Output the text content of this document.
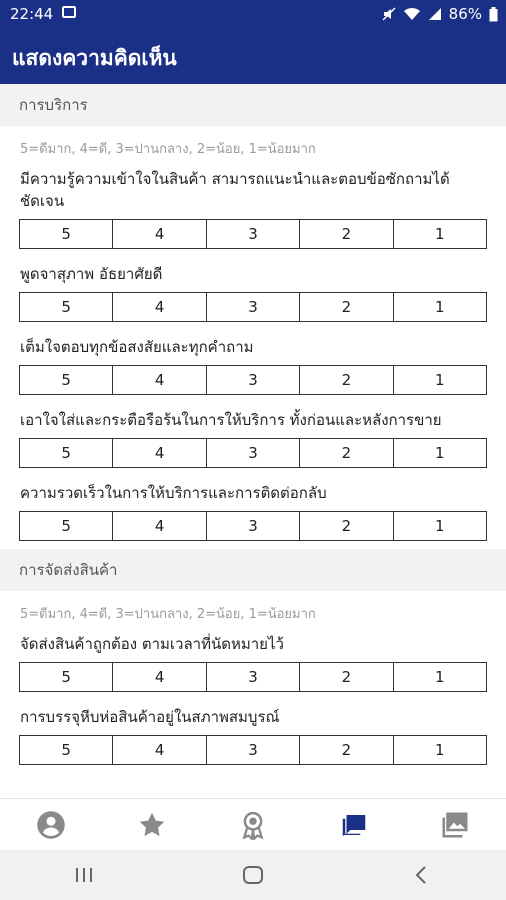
22:44	86%
แสดงความคิดเห็น
การบริการ
5=ดีมาก, 4=ดี, 3=ปานกลาง, 2=น้อย, 1=น้อยมาก
มีความรู้ความเข้าใจในสินค้า สามารถแนะนำและตอบข้อซักถามได้ชัดเจน
5	4	3	2	1
พูดจาสุภาพ อัธยาศัยดี
5	4	3	2	1
เต็มใจตอบทุกข้อสงสัยและทุกคำถาม
5	4	3	2	1
เอาใจใส่และกระตือรือร้นในการให้บริการ ทั้งก่อนและหลังการขาย
5	4	3	2	1
ความรวดเร็วในการให้บริการและการติดต่อกลับ
5	4	3	2	1
การจัดส่งสินค้า
5=ดีมาก, 4=ดี, 3=ปานกลาง, 2=น้อย, 1=น้อยมาก
จัดส่งสินค้าถูกต้อง ตามเวลาที่นัดหมายไว้
5	4	3	2	1
การบรรจุหีบห่อสินค้าอยู่ในสภาพสมบูรณ์
5	4	3	2	1
